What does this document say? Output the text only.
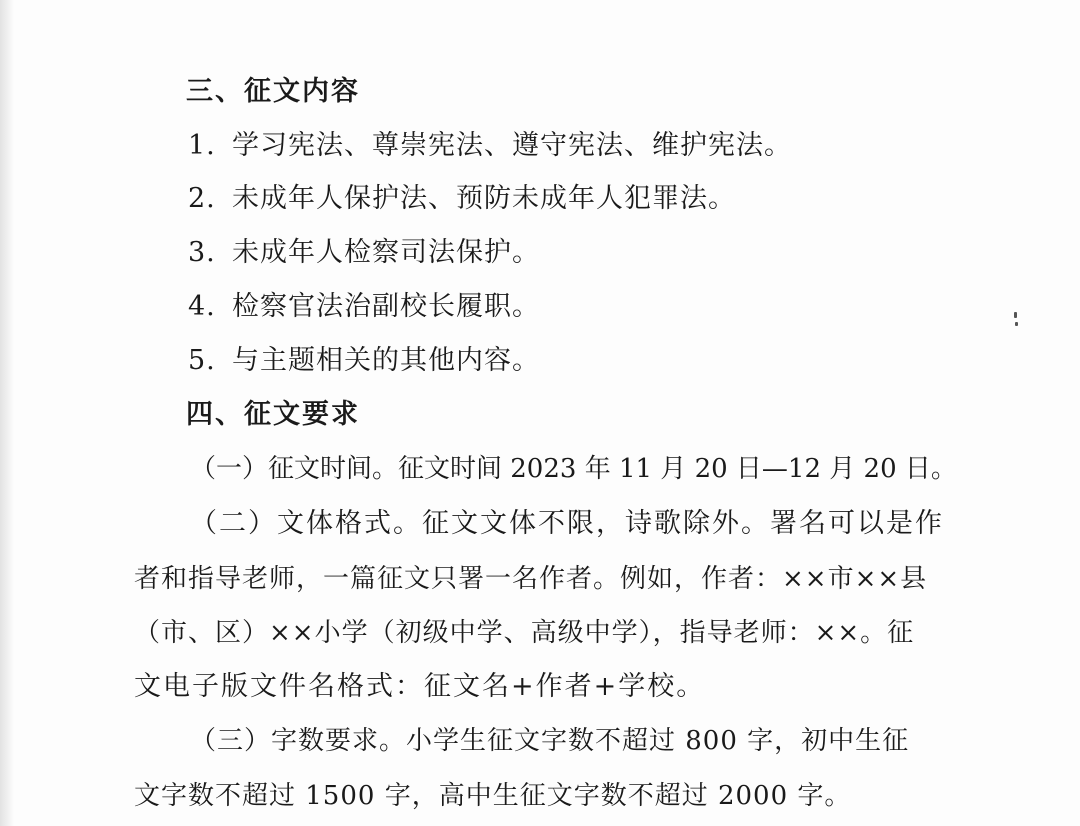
三、征文内容
1. 学习宪法、尊崇宪法、遵守宪法、维护宪法。
2. 未成年人保护法、预防未成年人犯罪法。
3. 未成年人检察司法保护。
4. 检察官法治副校长履职。
5. 与主题相关的其他内容。
四、征文要求
（一）征文时间。征文时间 2023 年 11 月 20 日—12 月 20 日。
（二）文体格式。征文文体不限，诗歌除外。署名可以是作
者和指导老师，一篇征文只署一名作者。例如，作者：××市××县
（市、区）××小学（初级中学、高级中学），指导老师：××。征
文电子版文件名格式：征文名+作者+学校。
（三）字数要求。小学生征文字数不超过 800 字，初中生征
文字数不超过 1500 字，高中生征文字数不超过 2000 字。
